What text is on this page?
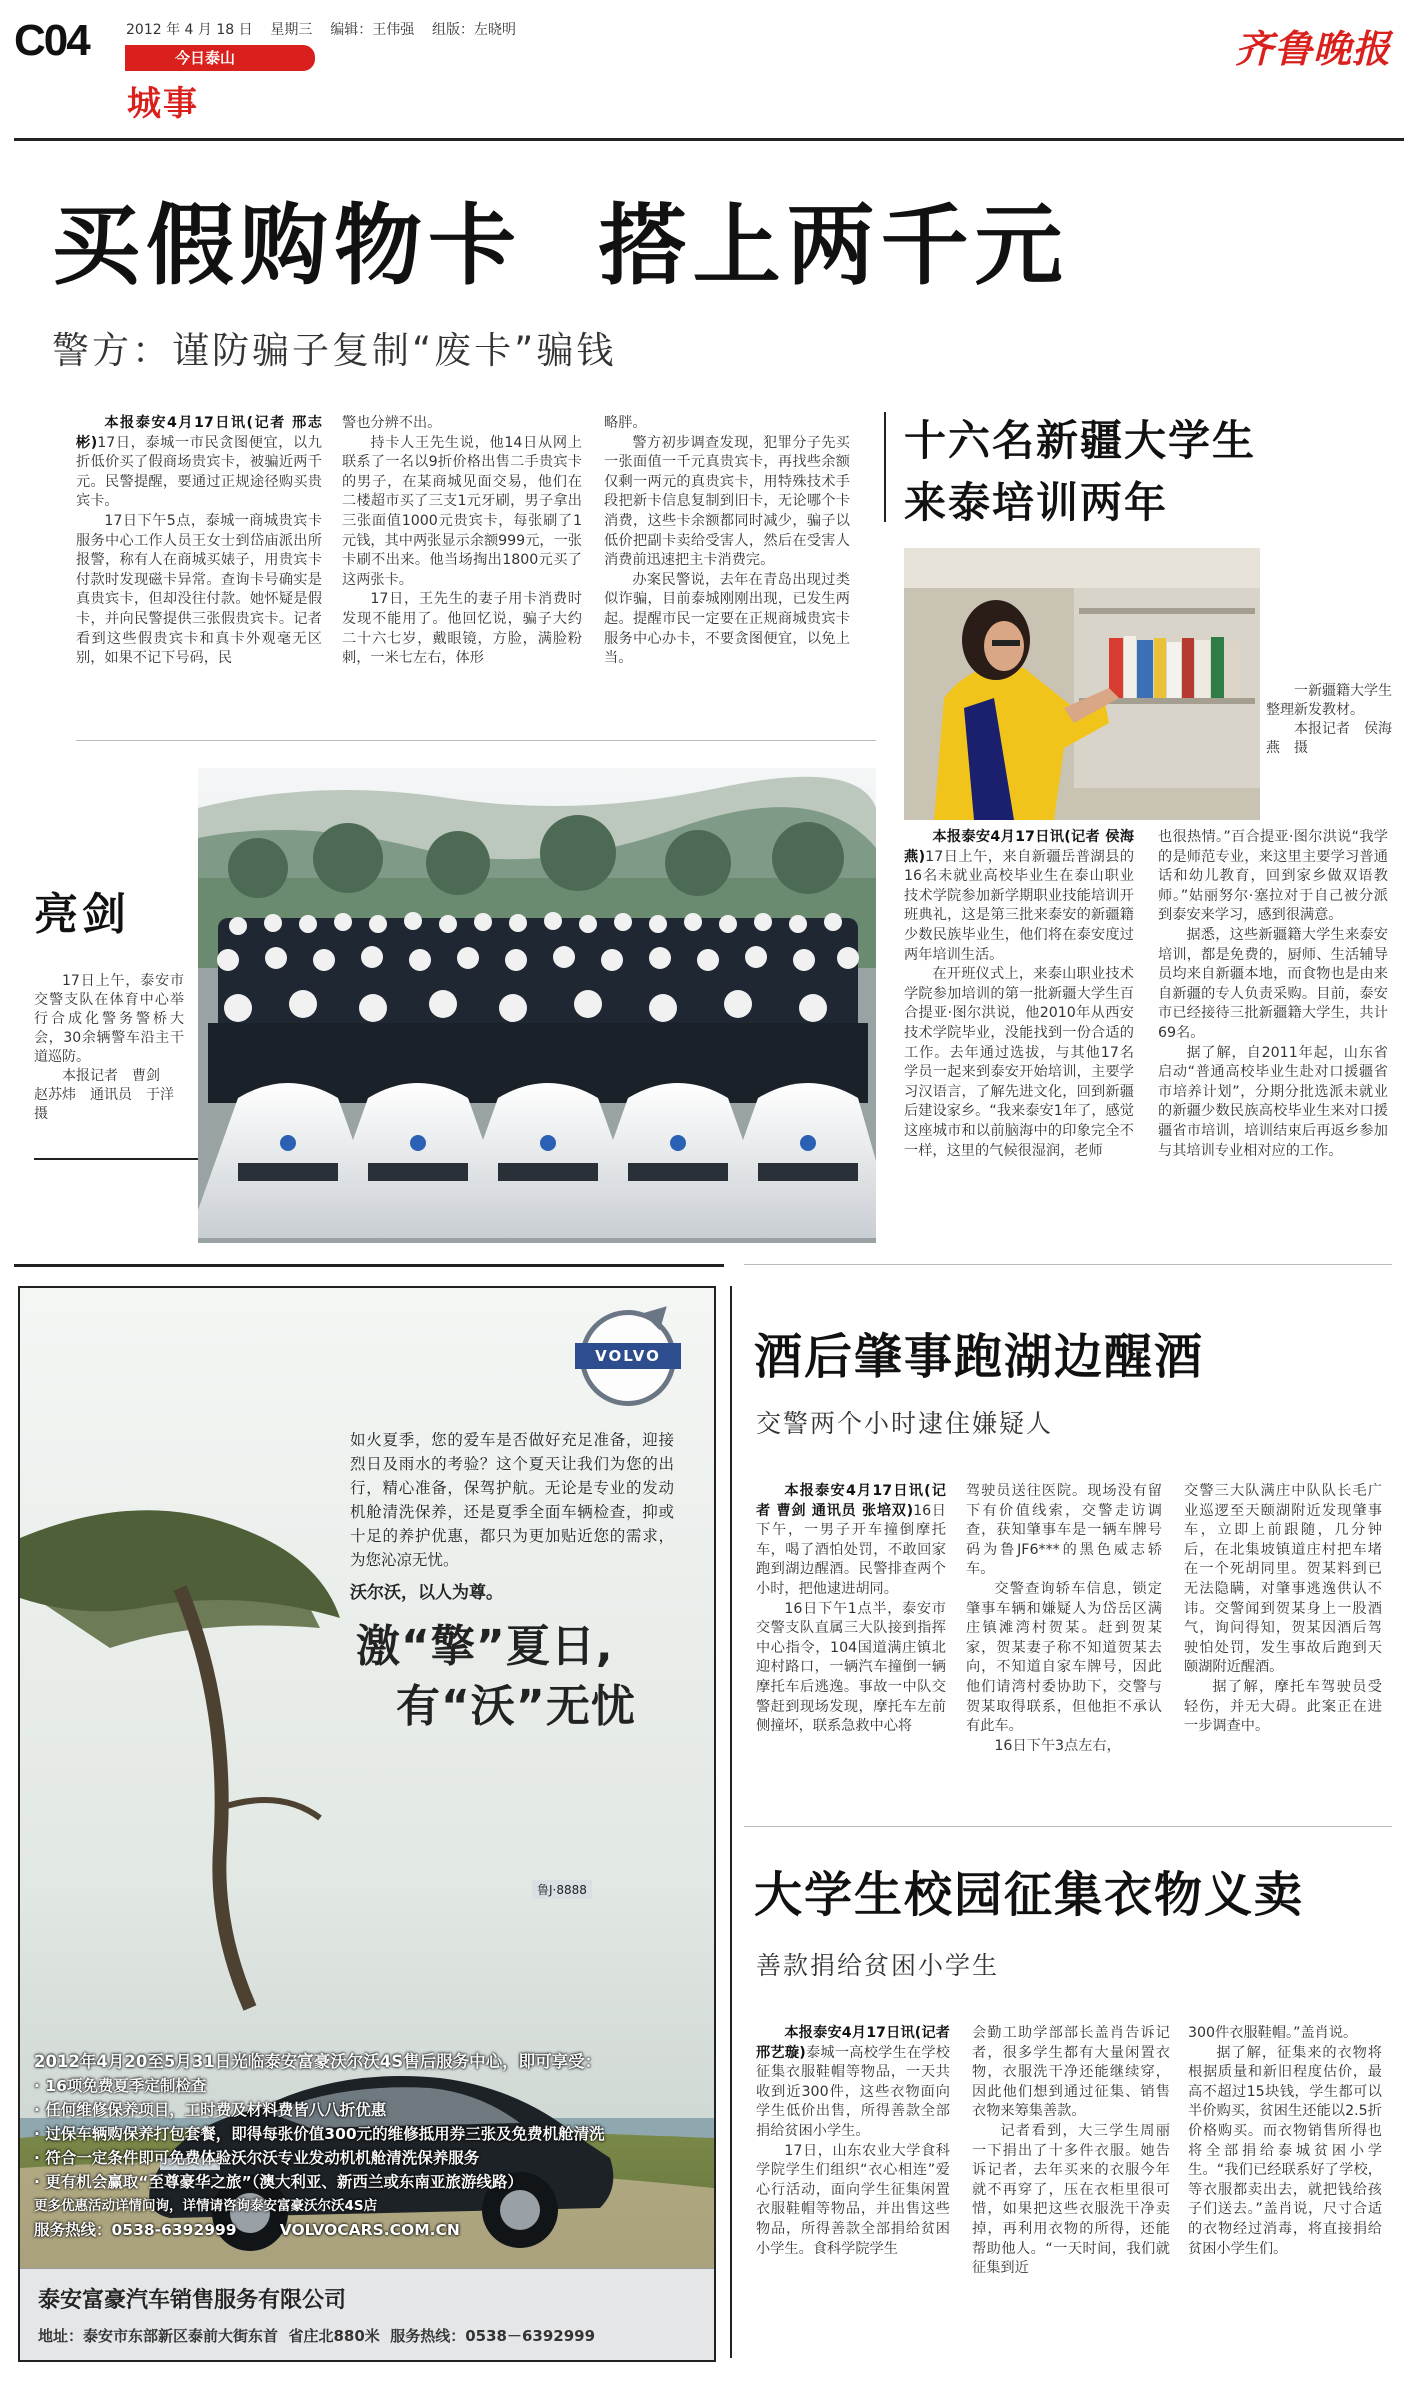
C04	2012 年 4 月 18 日    星期三    编辑：王伟强    组版：左晓明
今日泰山
城事
齐鲁晚报
买假购物卡 搭上两千元
警方：谨防骗子复制“废卡”骗钱

本报泰安4月17日讯(记者 邢志彬)17日，泰城一市民贪图便宜，以九折低价买了假商场贵宾卡，被骗近两千元。民警提醒，要通过正规途径购买贵宾卡。

17日下午5点，泰城一商城贵宾卡服务中心工作人员王女士到岱庙派出所报警，称有人在商城买婊子，用贵宾卡付款时发现磁卡异常。查询卡号确实是真贵宾卡，但却没往付款。她怀疑是假卡，并向民警提供三张假贵宾卡。记者看到这些假贵宾卡和真卡外观毫无区别，如果不记下号码，民

警也分辨不出。

持卡人王先生说，他14日从网上联系了一名以9折价格出售二手贵宾卡的男子，在某商城见面交易，他们在二楼超市买了三支1元牙刷，男子拿出三张面值1000元贵宾卡，每张刷了1元钱，其中两张显示余额999元，一张卡刷不出来。他当场掏出1800元买了这两张卡。

17日，王先生的妻子用卡消费时发现不能用了。他回忆说，骗子大约二十六七岁，戴眼镜，方脸，满脸粉刺，一米七左右，体形

略胖。

警方初步调查发现，犯罪分子先买一张面值一千元真贵宾卡，再找些余额仅剩一两元的真贵宾卡，用特殊技术手段把新卡信息复制到旧卡，无论哪个卡消费，这些卡余额都同时减少，骗子以低价把副卡卖给受害人，然后在受害人消费前迅速把主卡消费完。

办案民警说，去年在青岛出现过类似诈骗，目前泰城刚刚出现，已发生两起。提醒市民一定要在正规商城贵宾卡服务中心办卡，不要贪图便宜，以免上当。

亮剑

17日上午，泰安市交警支队在体育中心举行合成化警务警桥大会，30余辆警车沿主干道巡防。

本报记者　曹剑　赵苏炜　通讯员　于洋　摄

十六名新疆大学生
来泰培训两年

一新疆籍大学生整理新发教材。

本报记者　侯海燕　摄

本报泰安4月17日讯(记者 侯海燕)17日上午，来自新疆岳普湖县的16名未就业高校毕业生在泰山职业技术学院参加新学期职业技能培训开班典礼，这是第三批来泰安的新疆籍少数民族毕业生，他们将在泰安度过两年培训生活。

在开班仪式上，来泰山职业技术学院参加培训的第一批新疆大学生百合提亚·图尔洪说，他2010年从西安技术学院毕业，没能找到一份合适的工作。去年通过选拔，与其他17名学员一起来到泰安开始培训，主要学习汉语言，了解先进文化，回到新疆后建设家乡。“我来泰安1年了，感觉这座城市和以前脑海中的印象完全不一样，这里的气候很湿润，老师

也很热情。”百合提亚·图尔洪说“我学的是师范专业，来这里主要学习普通话和幼儿教育，回到家乡做双语教师。”姑丽努尔·塞拉对于自己被分派到泰安来学习，感到很满意。

据悉，这些新疆籍大学生来泰安培训，都是免费的，厨师、生活辅导员均来自新疆本地，而食物也是由来自新疆的专人负责采购。目前，泰安市已经接待三批新疆籍大学生，共计69名。

据了解，自2011年起，山东省启动“普通高校毕业生赴对口援疆省市培养计划”，分期分批选派未就业的新疆少数民族高校毕业生来对口援疆省市培训，培训结束后再返乡参加与其培训专业相对应的工作。

VOLVO
如火夏季，您的爱车是否做好充足准备，迎接烈日及雨水的考验？这个夏天让我们为您的出行，精心准备，保驾护航。无论是专业的发动机舱清洗保养，还是夏季全面车辆检查，抑或十足的养护优惠，都只为更加贴近您的需求，为您沁凉无忧。
沃尔沃，以人为尊。
激“擎”夏日,
有“沃”无忧
鲁J·8888
2012年4月20至5月31日光临泰安富豪沃尔沃4S售后服务中心，即可享受：
· 16项免费夏季定制检查
· 任何维修保养项目，工时费及材料费皆八八折优惠
· 过保车辆购保养打包套餐，即得每张价值300元的维修抵用券三张及免费机舱清洗
· 符合一定条件即可免费体验沃尔沃专业发动机机舱清洗保养服务
· 更有机会赢取“至尊豪华之旅”（澳大利亚、新西兰或东南亚旅游线路）
更多优惠活动详情问询，详情请咨询泰安富豪沃尔沃4S店
服务热线：0538-6392999        VOLVOCARS.COM.CN
泰安富豪汽车销售服务有限公司
地址：泰安市东部新区泰前大街东首  省庄北880米  服务热线：0538－6392999
酒后肇事跑湖边醒酒
交警两个小时逮住嫌疑人

本报泰安4月17日讯(记者 曹剑 通讯员 张培双)16日下午，一男子开车撞倒摩托车，喝了酒怕处罚，不敢回家跑到湖边醒酒。民警排查两个小时，把他逮进胡同。

16日下午1点半，泰安市交警支队直属三大队接到指挥中心指令，104国道满庄镇北迎村路口，一辆汽车撞倒一辆摩托车后逃逸。事故一中队交警赶到现场发现，摩托车左前侧撞坏，联系急救中心将

驾驶员送往医院。现场没有留下有价值线索，交警走访调查，获知肇事车是一辆车牌号码为鲁JF6***的黑色威志轿车。

交警查询轿车信息，锁定肇事车辆和嫌疑人为岱岳区满庄镇滩湾村贺某。赶到贺某家，贺某妻子称不知道贺某去向，不知道自家车牌号，因此他们请湾村委协助下，交警与贺某取得联系，但他拒不承认有此车。

16日下午3点左右，

交警三大队满庄中队队长毛广业巡逻至天颐湖附近发现肇事车，立即上前跟随，几分钟后，在北集坡镇道庄村把车堵在一个死胡同里。贺某料到已无法隐瞒，对肇事逃逸供认不讳。交警闻到贺某身上一股酒气，询问得知，贺某因酒后驾驶怕处罚，发生事故后跑到天颐湖附近醒酒。

据了解，摩托车驾驶员受轻伤，并无大碍。此案正在进一步调查中。

大学生校园征集衣物义卖
善款捐给贫困小学生

本报泰安4月17日讯(记者 邢艺璇)泰城一高校学生在学校征集衣服鞋帽等物品，一天共收到近300件，这些衣物面向学生低价出售，所得善款全部捐给贫困小学生。

17日，山东农业大学食科学院学生们组织“衣心相连”爱心行活动，面向学生征集闲置衣服鞋帽等物品，并出售这些物品，所得善款全部捐给贫困小学生。食科学院学生

会勤工助学部部长盖肖告诉记者，很多学生都有大量闲置衣物，衣服洗干净还能继续穿，因此他们想到通过征集、销售衣物来筹集善款。

记者看到，大三学生周丽一下捐出了十多件衣服。她告诉记者，去年买来的衣服今年就不再穿了，压在衣柜里很可惜，如果把这些衣服洗干净卖掉，再利用衣物的所得，还能帮助他人。“一天时间，我们就征集到近

300件衣服鞋帽。”盖肖说。

据了解，征集来的衣物将根据质量和新旧程度估价，最高不超过15块钱，学生都可以半价购买，贫困生还能以2.5折价格购买。而衣物销售所得也将全部捐给泰城贫困小学生。“我们已经联系好了学校，等衣服都卖出去，就把钱给孩子们送去。”盖肖说，尺寸合适的衣物经过消毒，将直接捐给贫困小学生们。
